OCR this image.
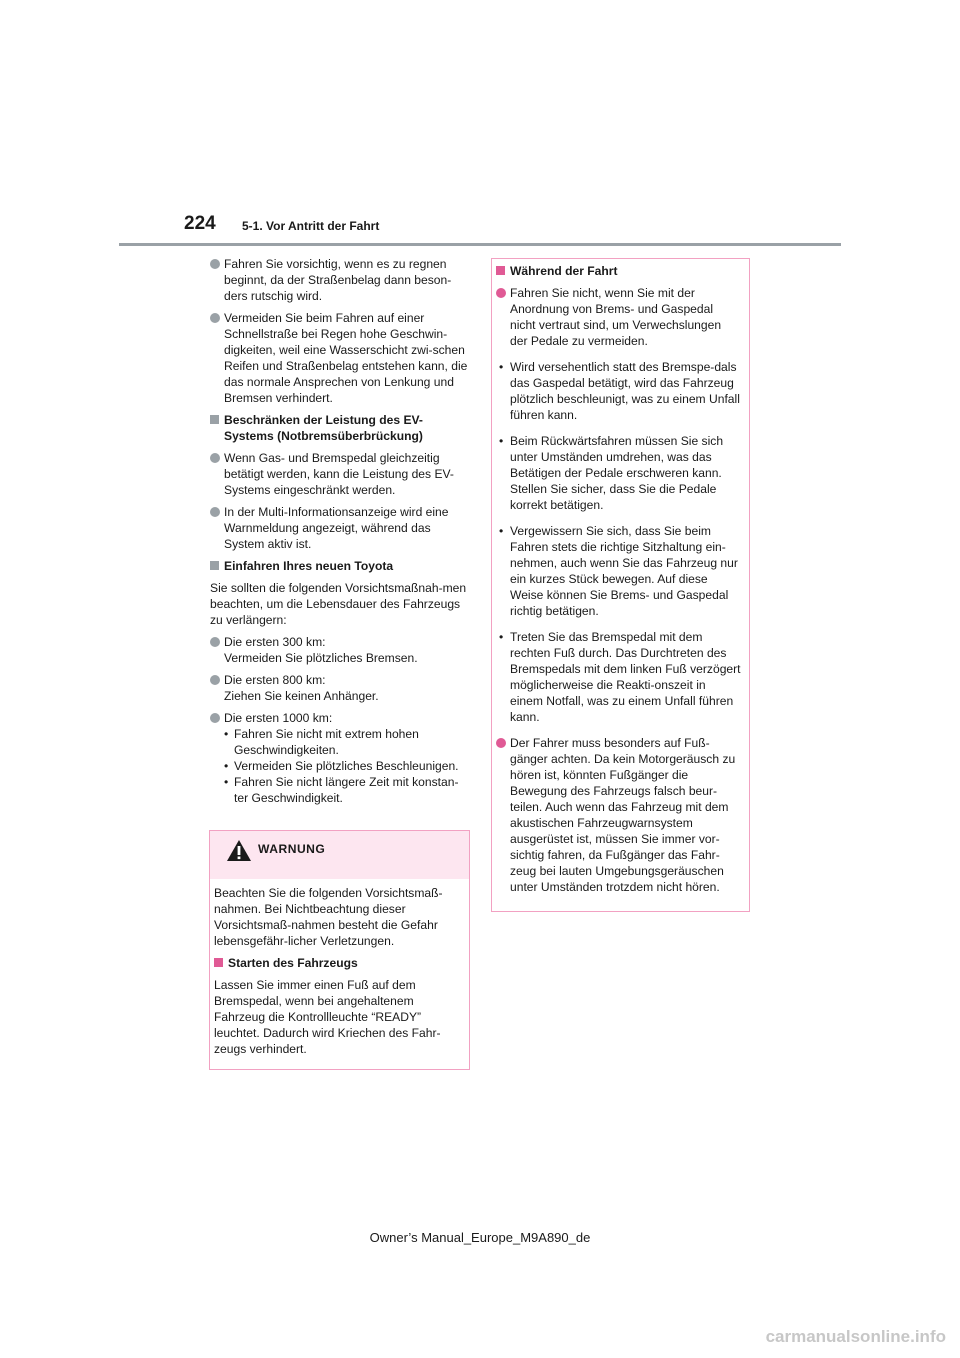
224 5-1. Vor Antritt der Fahrt
Fahren Sie vorsichtig, wenn es zu regnen beginnt, da der Straßenbelag dann beson-ders rutschig wird.
Vermeiden Sie beim Fahren auf einer Schnellstraße bei Regen hohe Geschwin-digkeiten, weil eine Wasserschicht zwi-schen Reifen und Straßenbelag entstehen kann, die das normale Ansprechen von Lenkung und Bremsen verhindert.
Beschränken der Leistung des EV-Systems (Notbremsüberbrückung)
Wenn Gas- und Bremspedal gleichzeitig betätigt werden, kann die Leistung des EV-Systems eingeschränkt werden.
In der Multi-Informationsanzeige wird eine Warnmeldung angezeigt, während das System aktiv ist.
Einfahren Ihres neuen Toyota
Sie sollten die folgenden Vorsichtsmaßnah-men beachten, um die Lebensdauer des Fahrzeugs zu verlängern:
Die ersten 300 km:
Vermeiden Sie plötzliches Bremsen.
Die ersten 800 km:
Ziehen Sie keinen Anhänger.
Die ersten 1000 km:
• Fahren Sie nicht mit extrem hohen Geschwindigkeiten.
• Vermeiden Sie plötzliches Beschleunigen.
• Fahren Sie nicht längere Zeit mit konstan-ter Geschwindigkeit.
WARNUNG
Beachten Sie die folgenden Vorsichtsmaß-nahmen. Bei Nichtbeachtung dieser Vorsichtsmaß-nahmen besteht die Gefahr lebensgefähr-licher Verletzungen.
Starten des Fahrzeugs
Lassen Sie immer einen Fuß auf dem Bremspedal, wenn bei angehaltenem Fahrzeug die Kontrollleuchte “READY” leuchtet. Dadurch wird Kriechen des Fahr-zeugs verhindert.
Während der Fahrt
Fahren Sie nicht, wenn Sie mit der Anordnung von Brems- und Gaspedal nicht vertraut sind, um Verwechslungen der Pedale zu vermeiden.
• Wird versehentlich statt des Bremspe-dals das Gaspedal betätigt, wird das Fahrzeug plötzlich beschleunigt, was zu einem Unfall führen kann.
• Beim Rückwärtsfahren müssen Sie sich unter Umständen umdrehen, was das Betätigen der Pedale erschweren kann. Stellen Sie sicher, dass Sie die Pedale korrekt betätigen.
• Vergewissern Sie sich, dass Sie beim Fahren stets die richtige Sitzhaltung ein-nehmen, auch wenn Sie das Fahrzeug nur ein kurzes Stück bewegen. Auf diese Weise können Sie Brems- und Gaspedal richtig betätigen.
• Treten Sie das Bremspedal mit dem rechten Fuß durch. Das Durchtreten des Bremspedals mit dem linken Fuß verzögert möglicherweise die Reakti-onszeit in einem Notfall, was zu einem Unfall führen kann.
Der Fahrer muss besonders auf Fuß-gänger achten. Da kein Motorgeräusch zu hören ist, könnten Fußgänger die Bewegung des Fahrzeugs falsch beur-teilen. Auch wenn das Fahrzeug mit dem akustischen Fahrzeugwarnsystem ausgerüstet ist, müssen Sie immer vor-sichtig fahren, da Fußgänger das Fahr-zeug bei lauten Umgebungsgeräuschen unter Umständen trotzdem nicht hören.
Owner’s Manual_Europe_M9A890_de
carmanualsonline.info
